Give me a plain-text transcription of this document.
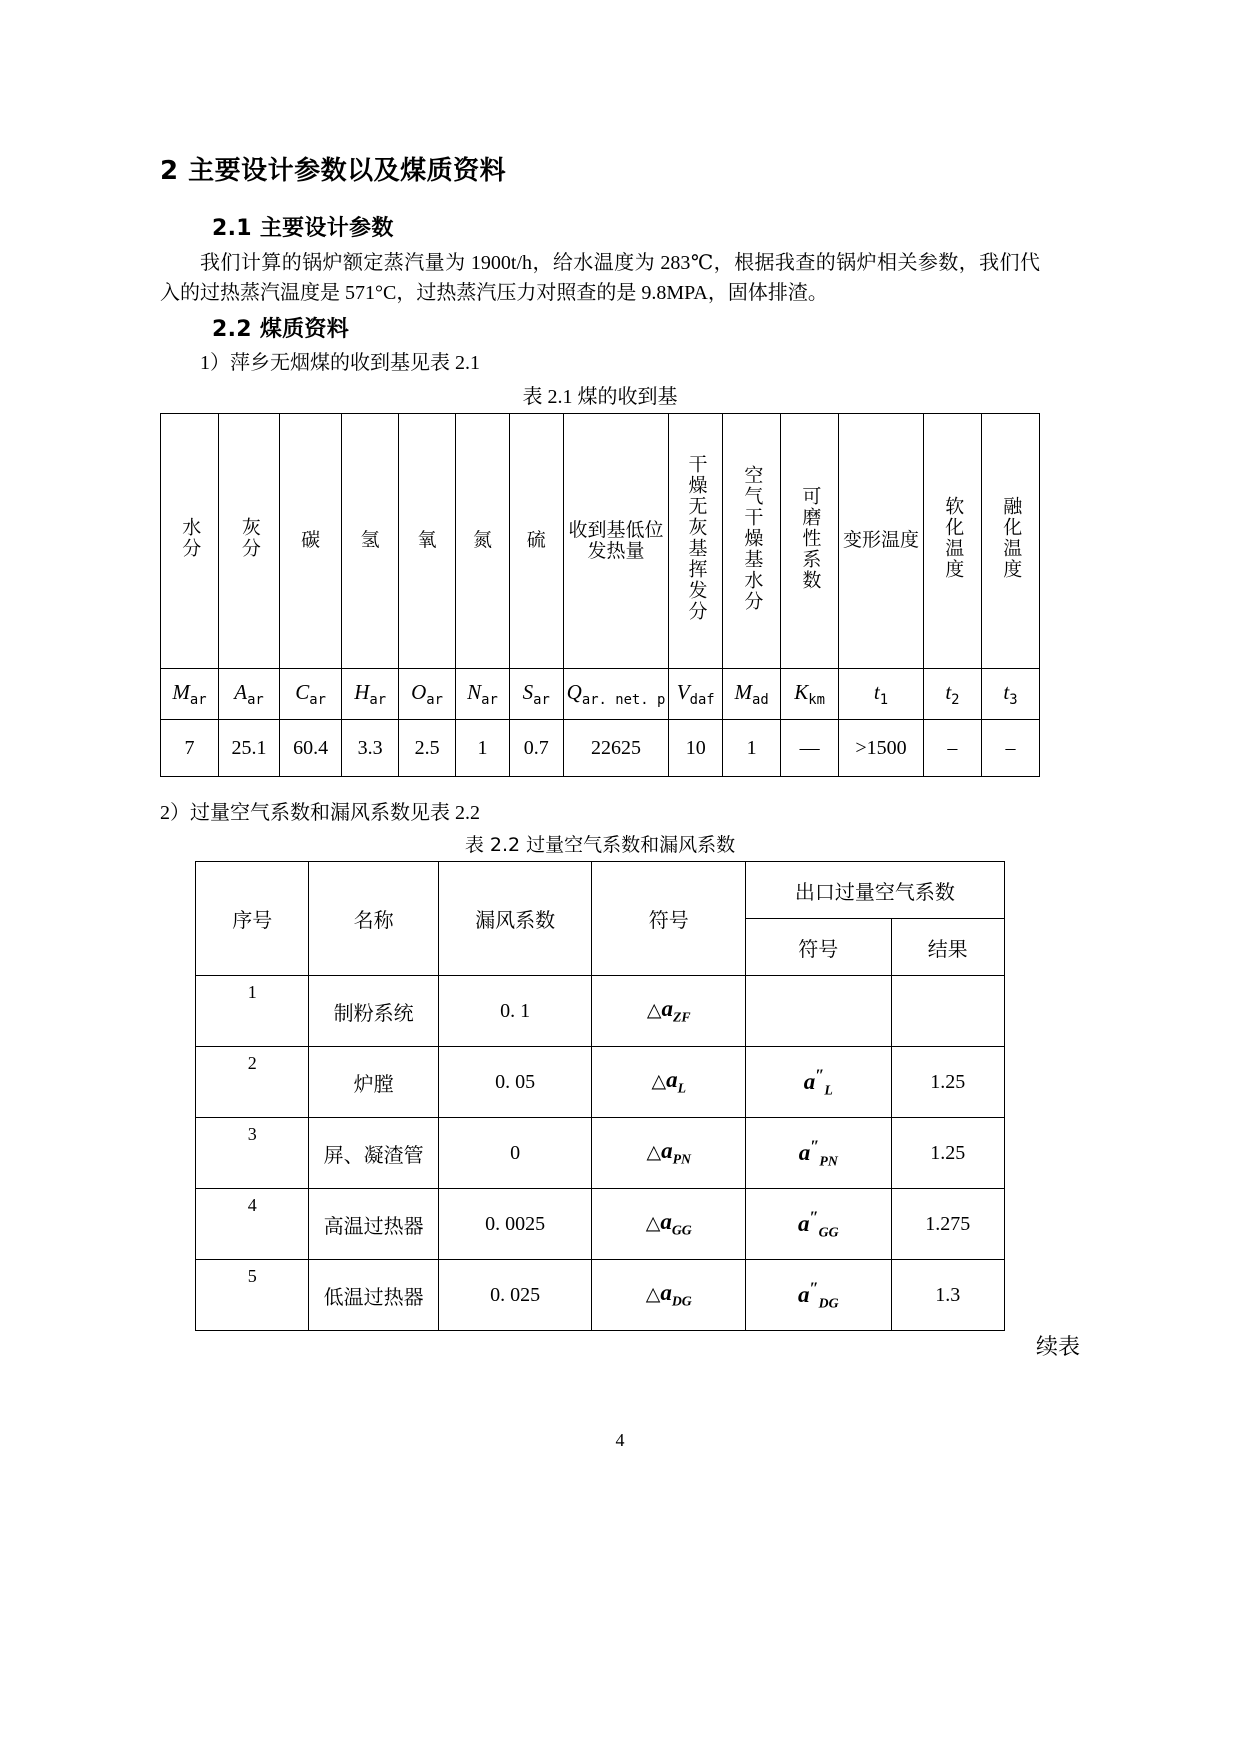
2 主要设计参数以及煤质资料
2.1 主要设计参数

我们计算的锅炉额定蒸汽量为 1900t/h，给水温度为 283℃，根据我查的锅炉相关参数，我们代入的过热蒸汽温度是 571°C，过热蒸汽压力对照查的是 9.8MPA，固体排渣。

2.2 煤质资料

1）萍乡无烟煤的收到基见表 2.1

表 2.1 煤的收到基
水分	灰分	碳	氢	氧	氮	硫	收到基低位发热量	干燥无灰基挥发分	空气干燥基水分	可磨性系数	变形温度	软化温度	融化温度
$M_{ar}$	$A_{ar}$	$C_{ar}$	$H_{ar}$	$O_{ar}$	$N_{ar}$	$S_{ar}$	$Q_{ar. net. p}$	$V_{daf}$	$M_{ad}$	$K_{km}$	$t_1$	$t_2$	$t_3$
7	25.1	60.4	3.3	2.5	1	0.7	22625	10	1	—	>1500	–	–

2）过量空气系数和漏风系数见表 2.2

表 2.2 过量空气系数和漏风系数
序号	名称	漏风系数	符号	出口过量空气系数	
				符号	结果
1	制粉系统	0. 1	$\triangle a_{ZF}$		
2	炉膛	0. 05	$\triangle a_L$	$a''_L$	1.25
3	屏、凝渣管	0	$\triangle a_{PN}$	$a''_{PN}$	1.25
4	高温过热器	0. 0025	$\triangle a_{GG}$	$a''_{GG}$	1.275
5	低温过热器	0. 025	$\triangle a_{DG}$	$a''_{DG}$	1.3
续表
4
